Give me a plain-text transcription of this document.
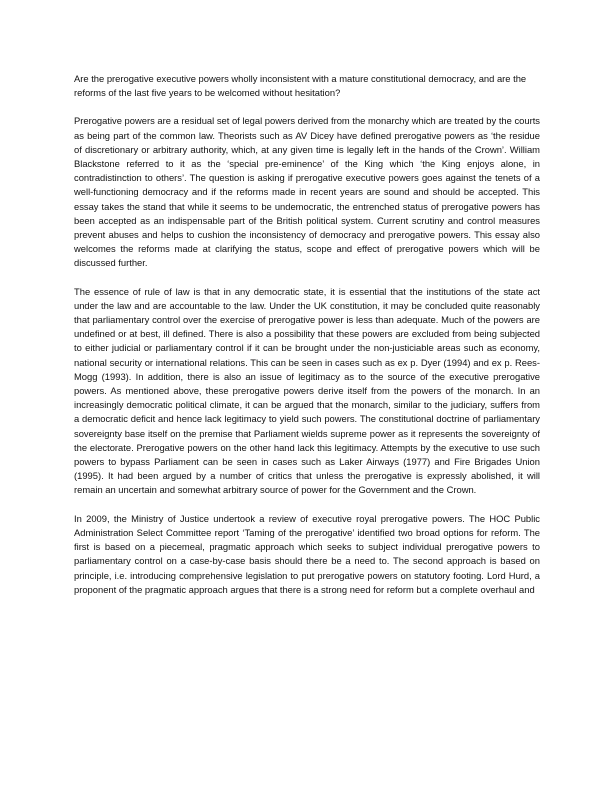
Are the prerogative executive powers wholly inconsistent with a mature constitutional democracy, and are the reforms of the last five years to be welcomed without hesitation?

Prerogative powers are a residual set of legal powers derived from the monarchy which are treated by the courts as being part of the common law. Theorists such as AV Dicey have defined prerogative powers as ‘the residue of discretionary or arbitrary authority, which, at any given time is legally left in the hands of the Crown’. William Blackstone referred to it as the ‘special pre-eminence’ of the King which ‘the King enjoys alone, in contradistinction to others’. The question is asking if prerogative executive powers goes against the tenets of a well-functioning democracy and if the reforms made in recent years are sound and should be accepted. This essay takes the stand that while it seems to be undemocratic, the entrenched status of prerogative powers has been accepted as an indispensable part of the British political system. Current scrutiny and control measures prevent abuses and helps to cushion the inconsistency of democracy and prerogative powers. This essay also welcomes the reforms made at clarifying the status, scope and effect of prerogative powers which will be discussed further.

The essence of rule of law is that in any democratic state, it is essential that the institutions of the state act under the law and are accountable to the law. Under the UK constitution, it may be concluded quite reasonably that parliamentary control over the exercise of prerogative power is less than adequate. Much of the powers are undefined or at best, ill defined. There is also a possibility that these powers are excluded from being subjected to either judicial or parliamentary control if it can be brought under the non-justiciable areas such as economy, national security or international relations. This can be seen in cases such as ex p. Dyer (1994) and ex p. Rees-Mogg (1993). In addition, there is also an issue of legitimacy as to the source of the executive prerogative powers. As mentioned above, these prerogative powers derive itself from the powers of the monarch. In an increasingly democratic political climate, it can be argued that the monarch, similar to the judiciary, suffers from a democratic deficit and hence lack legitimacy to yield such powers. The constitutional doctrine of parliamentary sovereignty base itself on the premise that Parliament wields supreme power as it represents the sovereignty of the electorate. Prerogative powers on the other hand lack this legitimacy. Attempts by the executive to use such powers to bypass Parliament can be seen in cases such as Laker Airways (1977) and Fire Brigades Union (1995). It had been argued by a number of critics that unless the prerogative is expressly abolished, it will remain an uncertain and somewhat arbitrary source of power for the Government and the Crown.

In 2009, the Ministry of Justice undertook a review of executive royal prerogative powers. The HOC Public Administration Select Committee report ‘Taming of the prerogative’ identified two broad options for reform. The first is based on a piecemeal, pragmatic approach which seeks to subject individual prerogative powers to parliamentary control on a case-by-case basis should there be a need to. The second approach is based on principle, i.e. introducing comprehensive legislation to put prerogative powers on statutory footing. Lord Hurd, a proponent of the pragmatic approach argues that there is a strong need for reform but a complete overhaul and
